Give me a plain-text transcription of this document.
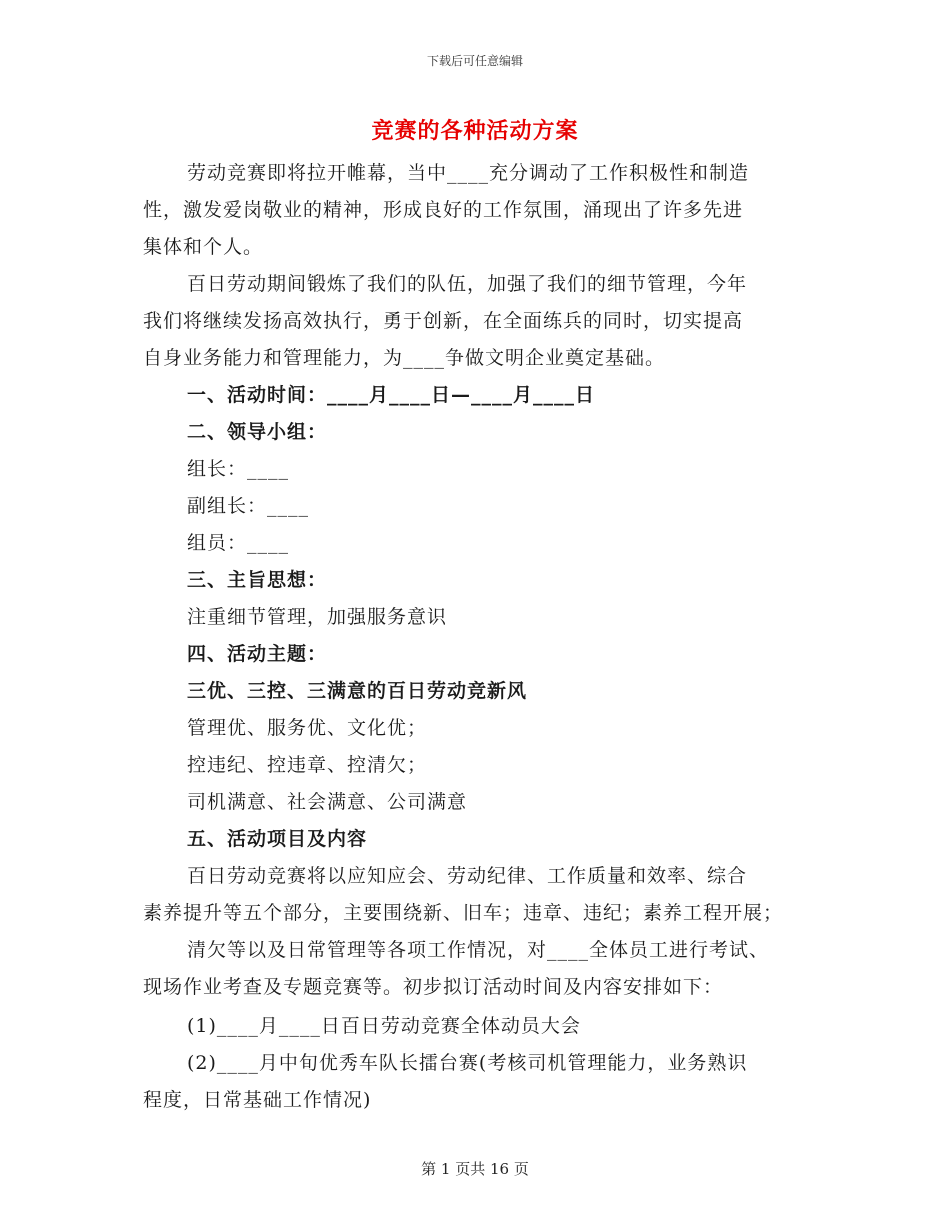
下载后可任意编辑
竞赛的各种活动方案
劳动竞赛即将拉开帷幕，当中____充分调动了工作积极性和制造
性，激发爱岗敬业的精神，形成良好的工作氛围，涌现出了许多先进
集体和个人。
百日劳动期间锻炼了我们的队伍，加强了我们的细节管理，今年
我们将继续发扬高效执行，勇于创新，在全面练兵的同时，切实提高
自身业务能力和管理能力，为____争做文明企业奠定基础。
一、活动时间：____月____日—____月____日
二、领导小组：
组长：____
副组长：____
组员：____
三、主旨思想：
注重细节管理，加强服务意识
四、活动主题：
三优、三控、三满意的百日劳动竞新风
管理优、服务优、文化优；
控违纪、控违章、控清欠；
司机满意、社会满意、公司满意
五、活动项目及内容
百日劳动竞赛将以应知应会、劳动纪律、工作质量和效率、综合
素养提升等五个部分，主要围绕新、旧车；违章、违纪；素养工程开展；
清欠等以及日常管理等各项工作情况，对____全体员工进行考试、
现场作业考查及专题竞赛等。初步拟订活动时间及内容安排如下：
(1)____月____日百日劳动竞赛全体动员大会
(2)____月中旬优秀车队长擂台赛(考核司机管理能力，业务熟识
程度，日常基础工作情况)
第 1 页共 16 页
